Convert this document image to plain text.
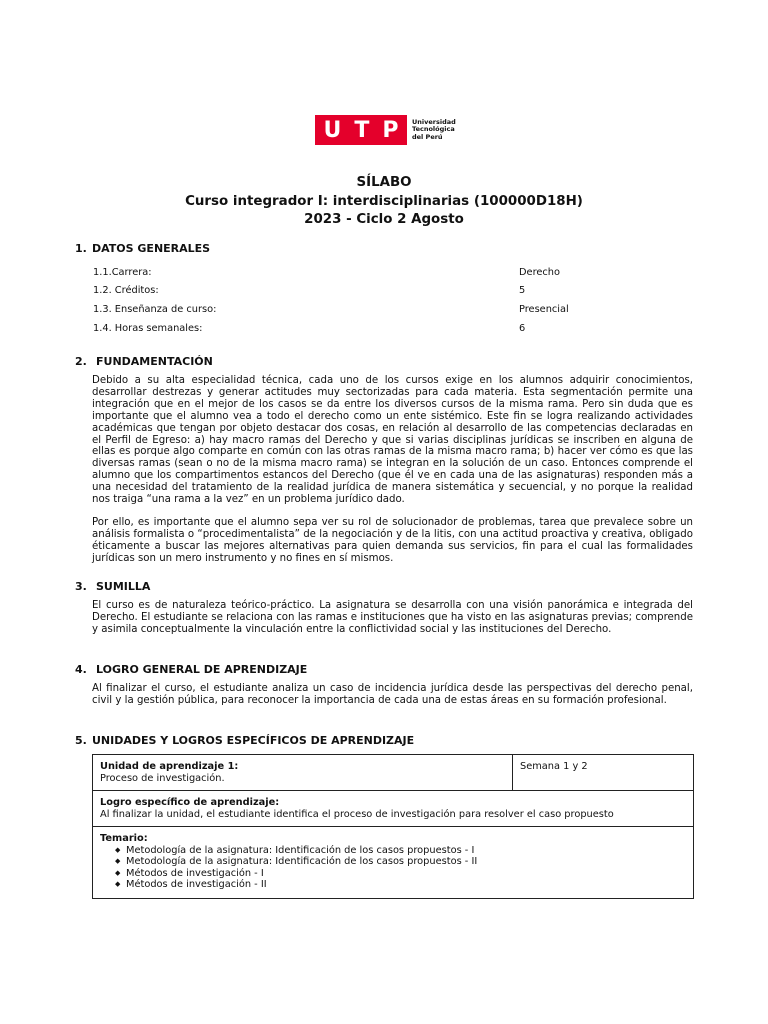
U T P Universidad
Tecnológica
del Perú
SÍLABO
Curso integrador I: interdisciplinarias (100000D18H)
2023 - Ciclo 2 Agosto
1. DATOS GENERALES
1.1.Carrera:	Derecho
1.2. Créditos:	5
1.3. Enseñanza de curso:	Presencial
1.4. Horas semanales:	6
2. FUNDAMENTACIÓN
Debido a su alta especialidad técnica, cada uno de los cursos exige en los alumnos adquirir conocimientos, desarrollar destrezas y generar actitudes muy sectorizadas para cada materia. Esta segmentación permite una integración que en el mejor de los casos se da entre los diversos cursos de la misma rama. Pero sin duda que es importante que el alumno vea a todo el derecho como un ente sistémico. Este fin se logra realizando actividades académicas que tengan por objeto destacar dos cosas, en relación al desarrollo de las competencias declaradas en el Perfil de Egreso: a) hay macro ramas del Derecho y que si varias disciplinas jurídicas se inscriben en alguna de ellas es porque algo comparte en común con las otras ramas de la misma macro rama; b) hacer ver cómo es que las diversas ramas (sean o no de la misma macro rama) se integran en la solución de un caso. Entonces comprende el alumno que los compartimentos estancos del Derecho (que él ve en cada una de las asignaturas) responden más a una necesidad del tratamiento de la realidad jurídica de manera sistemática y secuencial, y no porque la realidad nos traiga “una rama a la vez” en un problema jurídico dado.
Por ello, es importante que el alumno sepa ver su rol de solucionador de problemas, tarea que prevalece sobre un análisis formalista o “procedimentalista” de la negociación y de la litis, con una actitud proactiva y creativa, obligado éticamente a buscar las mejores alternativas para quien demanda sus servicios, fin para el cual las formalidades jurídicas son un mero instrumento y no fines en sí mismos.
3. SUMILLA
El curso es de naturaleza teórico-práctico. La asignatura se desarrolla con una visión panorámica e integrada del Derecho. El estudiante se relaciona con las ramas e instituciones que ha visto en las asignaturas previas; comprende y asimila conceptualmente la vinculación entre la conflictividad social y las instituciones del Derecho.
4. LOGRO GENERAL DE APRENDIZAJE
Al finalizar el curso, el estudiante analiza un caso de incidencia jurídica desde las perspectivas del derecho penal, civil y la gestión pública, para reconocer la importancia de cada una de estas áreas en su formación profesional.
5. UNIDADES Y LOGROS ESPECÍFICOS DE APRENDIZAJE
Unidad de aprendizaje 1:
Proceso de investigación.	Semana 1 y 2
Logro específico de aprendizaje:
Al finalizar la unidad, el estudiante identifica el proceso de investigación para resolver el caso propuesto
Temario:
◆ Metodología de la asignatura: Identificación de los casos propuestos - I
◆ Metodología de la asignatura: Identificación de los casos propuestos - II
◆ Métodos de investigación - I
◆ Métodos de investigación - II
